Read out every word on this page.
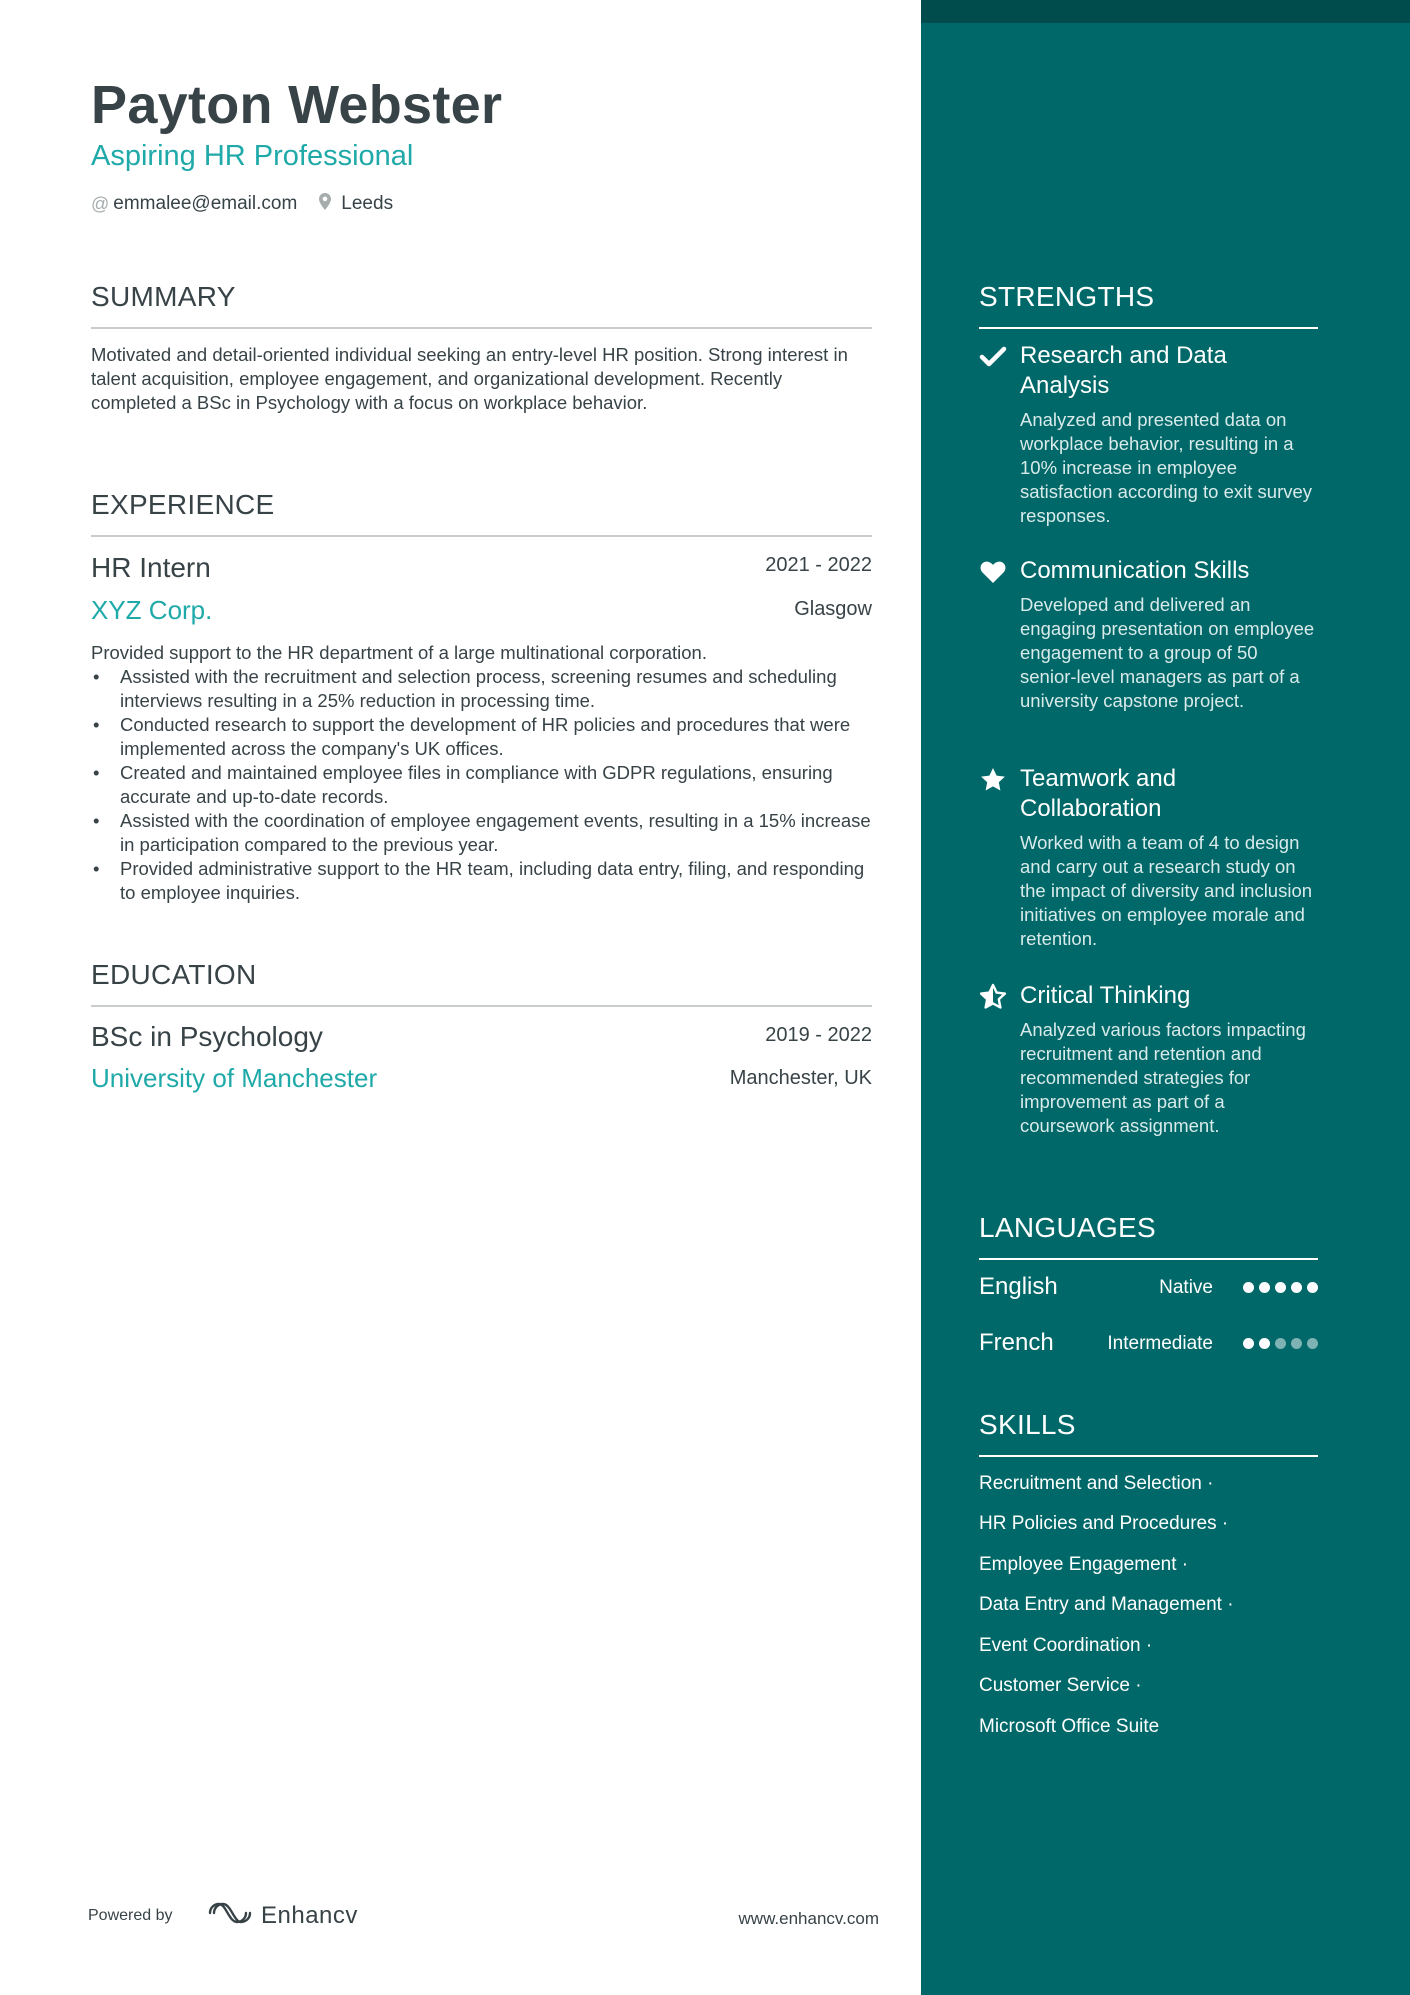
Payton Webster
Aspiring HR Professional
@ emmalee@email.com Leeds
SUMMARY
Motivated and detail-oriented individual seeking an entry-level HR position. Strong interest in talent acquisition, employee engagement, and organizational development. Recently completed a BSc in Psychology with a focus on workplace behavior.
EXPERIENCE
HR Intern	2021 - 2022
XYZ Corp.	Glasgow
Provided support to the HR department of a large multinational corporation.
• Assisted with the recruitment and selection process, screening resumes and scheduling interviews resulting in a 25% reduction in processing time.
• Conducted research to support the development of HR policies and procedures that were implemented across the company's UK offices.
• Created and maintained employee files in compliance with GDPR regulations, ensuring accurate and up-to-date records.
• Assisted with the coordination of employee engagement events, resulting in a 15% increase in participation compared to the previous year.
• Provided administrative support to the HR team, including data entry, filing, and responding to employee inquiries.
EDUCATION
BSc in Psychology	2019 - 2022
University of Manchester	Manchester, UK
Powered by	Enhancv	www.enhancv.com
STRENGTHS
Research and Data Analysis
Analyzed and presented data on workplace behavior, resulting in a 10% increase in employee satisfaction according to exit survey responses.
Communication Skills
Developed and delivered an engaging presentation on employee engagement to a group of 50 senior-level managers as part of a university capstone project.
Teamwork and Collaboration
Worked with a team of 4 to design and carry out a research study on the impact of diversity and inclusion initiatives on employee morale and retention.
Critical Thinking
Analyzed various factors impacting recruitment and retention and recommended strategies for improvement as part of a coursework assignment.
LANGUAGES
English	Native
French	Intermediate
SKILLS
Recruitment and Selection ·
HR Policies and Procedures ·
Employee Engagement ·
Data Entry and Management ·
Event Coordination ·
Customer Service ·
Microsoft Office Suite
